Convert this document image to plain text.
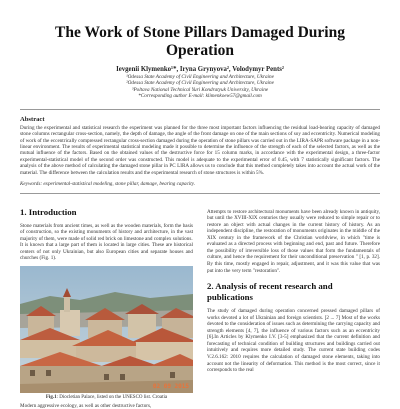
The Work of Stone Pillars Damaged During Operation
Ievgenii Klymenko¹*, Iryna Grynyova², Volodymyr Pents²
¹Odessa State Academy of Civil Engineering and Architecture, Ukraine
²Odessa State Academy of Civil Engineering and Architecture, Ukraine
³Poltava National Technical Yuri Kondratyuk University, Ukraine
*Corresponding author E-mail: klimenkoew57@gmail.com
Abstract
During the experimental and statistical research the experiment was planned for the three most important factors influencing the residual load-bearing capacity of damaged stone columns rectangular cross-section, namely, the depth of damage, the angle of the front damage on one of the main sections of soy and eccentricity. Numerical modeling of work of the eccentrically compressed rectangular cross-section damaged during the operation of stone pillars was carried out in the LIRA-SAPR software package in a non-linear environment. The results of experimental statistical modeling made it possible to determine the influence of the strength of each of the selected factors, as well as the mutual influence of the factors. Based on the obtained values of the destructive force for 15 column marks, in accordance with the experimental design, a three-factor experimental-statistical model of the second order was constructed. This model is adequate to the experimental error of 0.45, with 7 statistically significant factors. The analysis of the above method of calculating the damaged stone pillar in PC LIRA allows us to conclude that this method completely takes into account the actual work of the material. The difference between the calculation results and the experimental research of stone structures is within 5%.
Keywords: experimental-statistical modeling, stone pillar, damage, bearing capacity.
1. Introduction

Stone materials from ancient times, as well as the wooden materials, form the basis of construction, so the existing monuments of history and architecture, in the vast majority of them, were made of solid red brick on limestone and complex solutions.

It is known that a large part of them is located in large cities. These are historical centers of not only Ukrainian, but also European cities and separate houses and churches (Fig. 1).

02 09 2015
Fig.1: Diocletian Palace, listed on the UNESCO list. Croatia

Modern aggressive ecology, as well as other destructive factors,

Attempts to restore architectural monuments have been already known in antiquity, but until the XVIII-XIX centuries they usually were reduced to simple repair or to restore an object with actual changes in the current history of history. As an independent discipline, the restoration of monuments originates in the middle of the XIX century in the framework of the Christian worldview, in which "time is evaluated as a directed process with beginning and end, past and future. Therefore the possibility of irreversible loss of those values that form the fundamentals of culture, and hence the requirement for their unconditional preservation " [1, p. 32]. By this time, mostly engaged in repair, adjustment, and it was this value that was put into the very term "restoration".

2. Analysis of recent research and publications

The study of damaged during operation concerned pressed damaged pillars of works devoted a lot of Ukrainian and foreign scientists. [2 ... 7] Most of the works devoted to the consideration of issues such as determining the carrying capacity and strength elements [4, 7], the influence of various factors such as an eccentricity [6].In Articles by Klymenko I.V. [3-5] emphasized that the current definition and forecasting of technical condition of building structures and buildings carried out intuitively and requires more detailed study. The current state building codes V.2.6.162: 2010 requires the calculation of damaged stone elements, taking into account not the linearity of deformation. This method is the most correct, since it corresponds to the real
